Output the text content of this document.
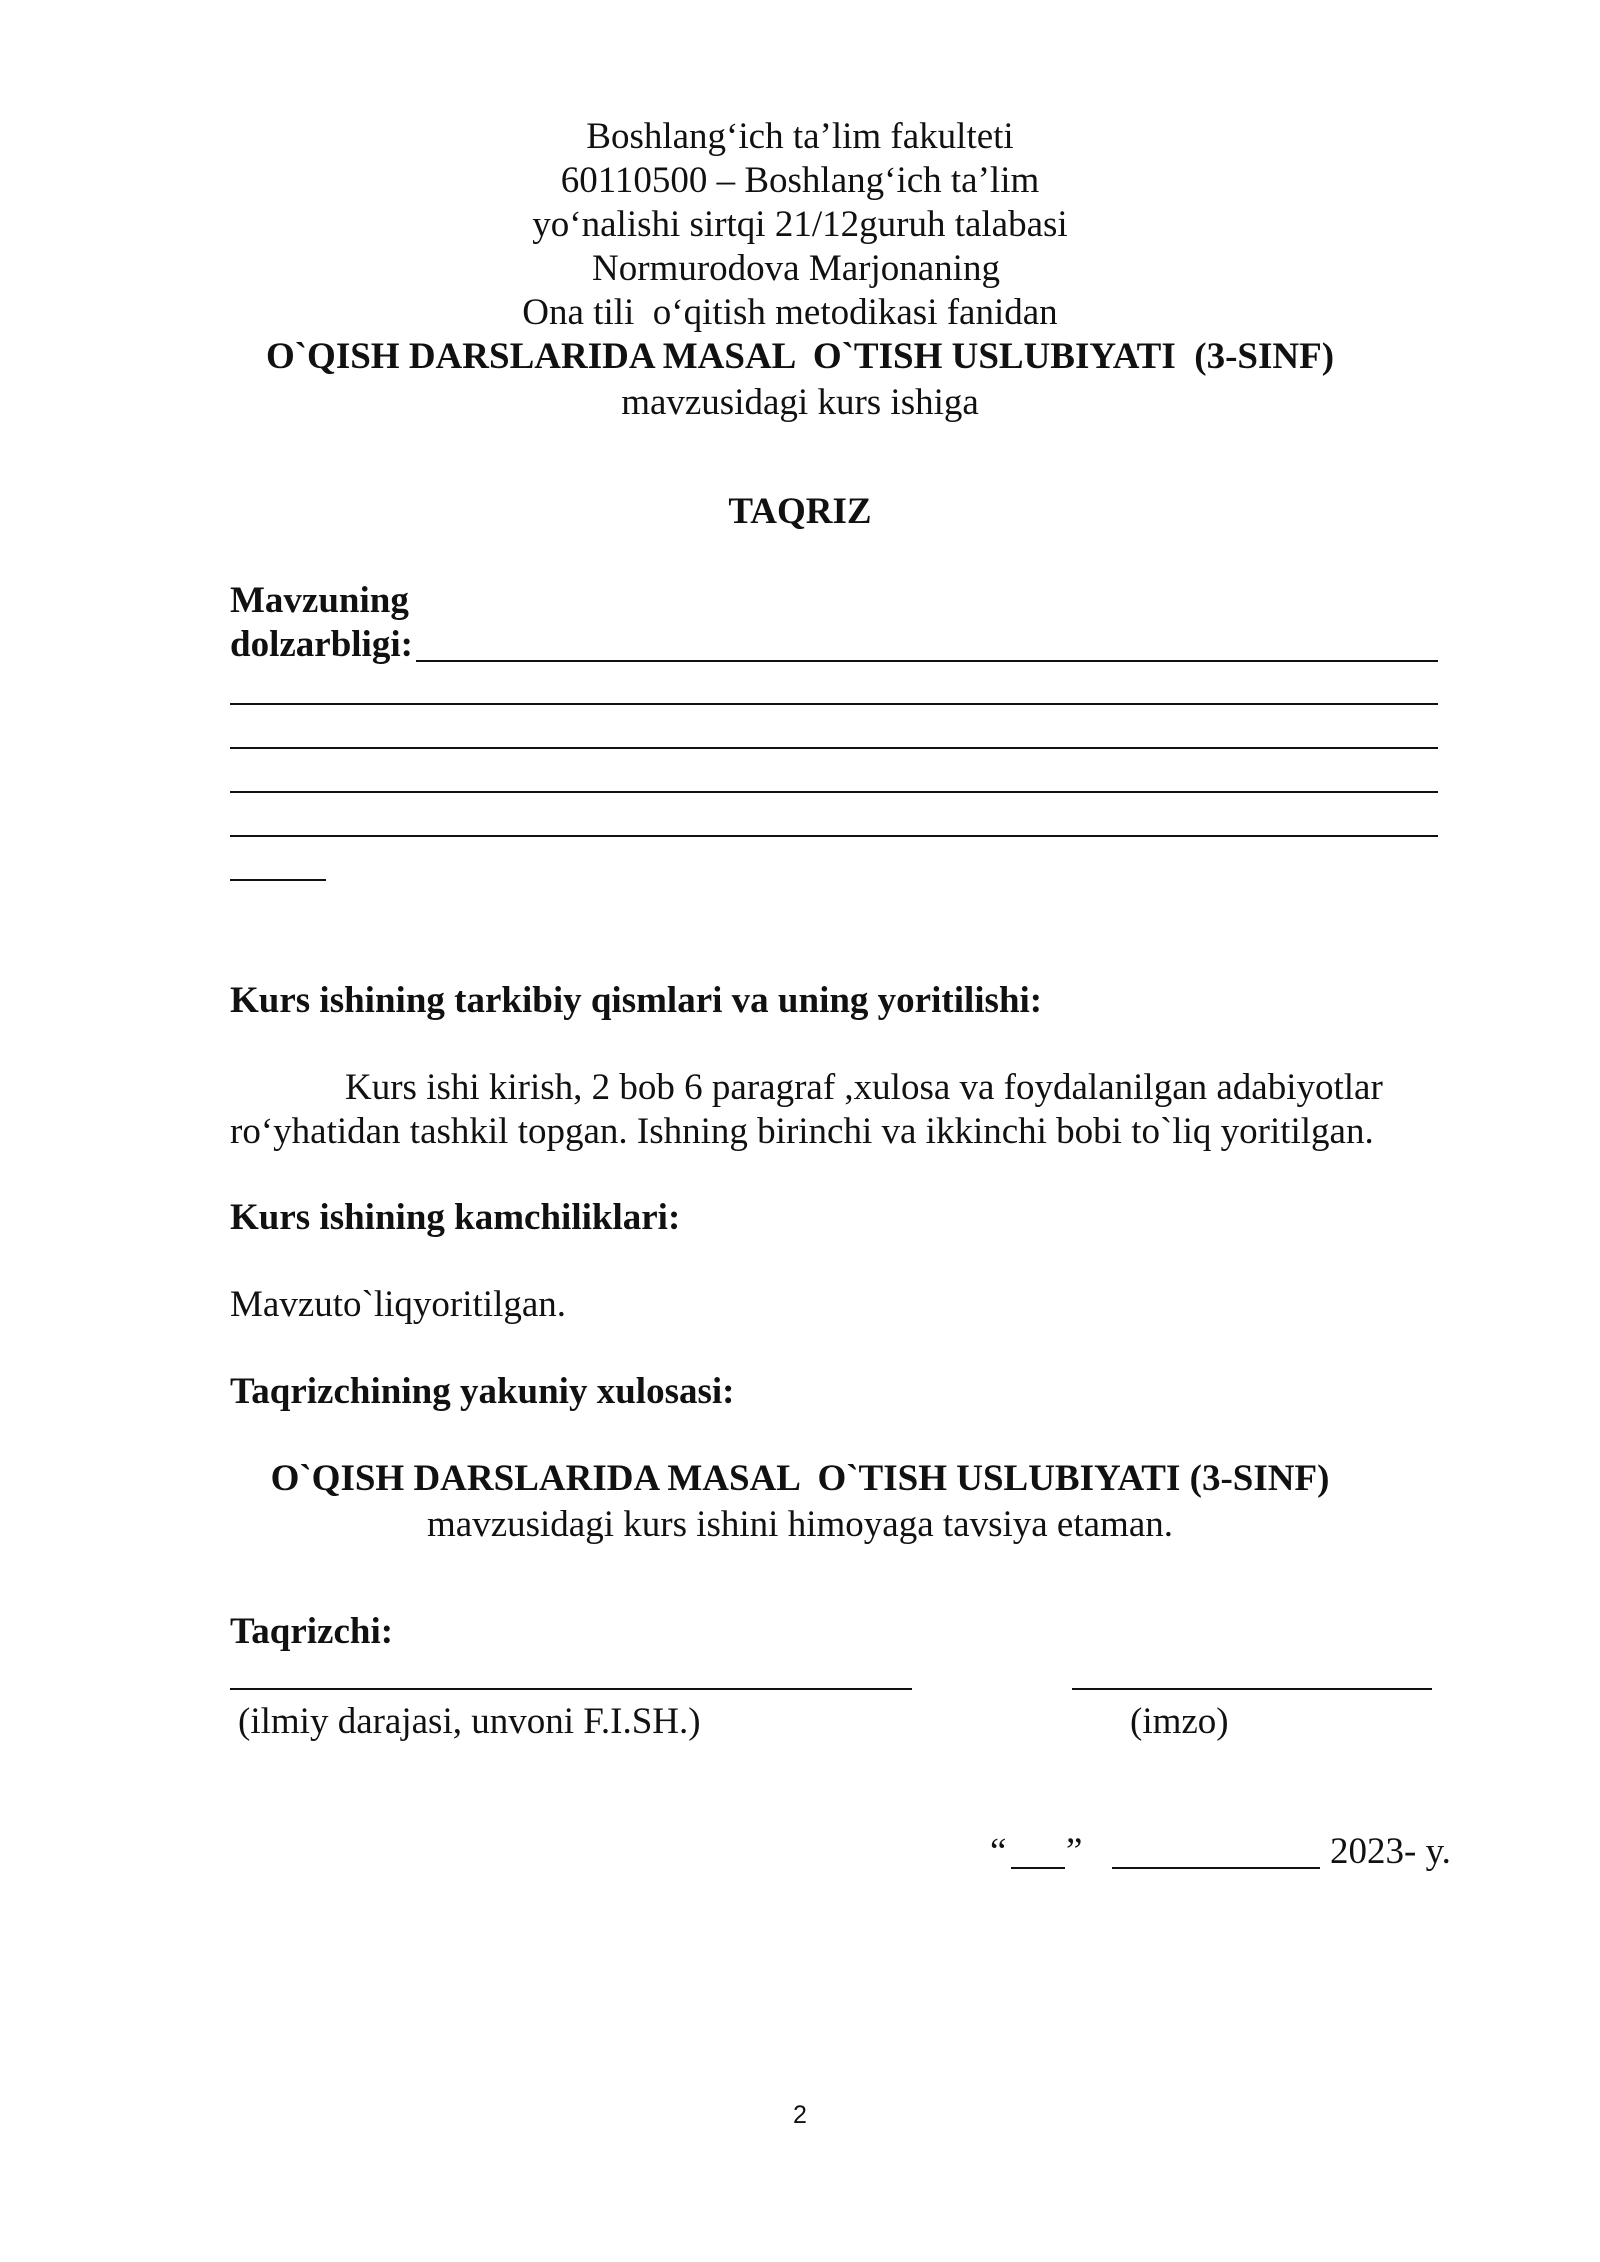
Boshlang‘ich ta’lim fakulteti
60110500 – Boshlang‘ich ta’lim
yo‘nalishi sirtqi 21/12guruh talabasi
Normurodova Marjonaning
Ona tili  o‘qitish metodikasi fanidan
O`QISH DARSLARIDA MASAL  O`TISH USLUBIYATI  (3-SINF)
mavzusidagi kurs ishiga
TAQRIZ
Mavzuning
dolzarbligi:
Kurs ishining tarkibiy qismlari va uning yoritilishi:
Kurs ishi kirish, 2 bob 6 paragraf ,xulosa va foydalanilgan adabiyotlar
ro‘yhatidan tashkil topgan. Ishning birinchi va ikkinchi bobi to`liq yoritilgan.
Kurs ishining kamchiliklari:
Mavzuto`liqyoritilgan.
Taqrizchining yakuniy xulosasi:
O`QISH DARSLARIDA MASAL  O`TISH USLUBIYATI (3-SINF)
mavzusidagi kurs ishini himoyaga tavsiya etaman.
Taqrizchi:
(ilmiy darajasi, unvoni F.I.SH.)	(imzo)
“ ”	2023- y.
2
